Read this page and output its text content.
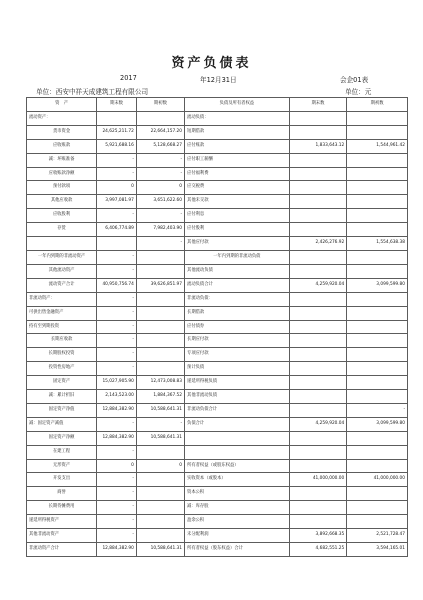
资产负债表
2017	年12月31日	会企01表
单位：西安中祥天成建筑工程有限公司	单位：元
资　产	期末数	期初数	负债及所有者权益	期末数	期初数
流动资产：			流动负债：		
货币资金	24,625,211.72	22,664,157.20	短期借款		
应收账款	5,921,688.16	5,128,668.27	应付账款	1,833,643.12	1,544,961.42
减：坏账准备	-	-	应付职工薪酬		
应收账款净额	-	-	应付福利费		
预付款项	0	0	应交税费		
其他应收款	3,997,081.97	3,651,622.60	其他未交款		
应收股利	-	-	应付利息		
存货	6,406,774.89	7,982,403.90	应付股利		
		-	其他应付款	2,426,276.92	1,554,638.38
一年内到期的非流动资产	-		一年内到期的非流动负债		
其他流动资产	-		其他流动负债		
流动资产合计	40,950,756.74	39,626,851.97	流动负债合计	4,259,920.04	3,099,599.80
非流动资产：	-		非流动负债：		
可供出售金融资产	-		长期借款		
持有至到期投资	-		应付债券		
长期应收款	-		长期应付款		
长期股权投资	-		专项应付款		
投资性房地产	-		预计负债		
固定资产	15,027,905.90	12,473,008.83	递延所得税负债		
减：累计折旧	2,143,523.00	1,884,367.52	其他非流动负债		
固定资产净值	12,884,382.90	10,588,641.31	非流动负债合计		-
减：固定资产减值	-	-	负债合计	4,259,920.04	3,099,599.80
固定资产净额	12,884,382.90	10,588,641.31			
在建工程	-				
无形资产	0	0	所有者权益（或股东权益）		
开发支出	-		实收资本（或股本）	41,000,000.00	41,000,000.00
商誉	-		资本公积		
长期待摊费用	-		减：库存股		
递延所得税资产	-		盈余公积		
其他非流动资产	-		未分配利润	3,892,668.35	2,521,728.47
非流动资产合计	12,884,382.90	10,588,641.31	所有者权益（股东权益）合计	4,682,551.25	3,594,165.01
